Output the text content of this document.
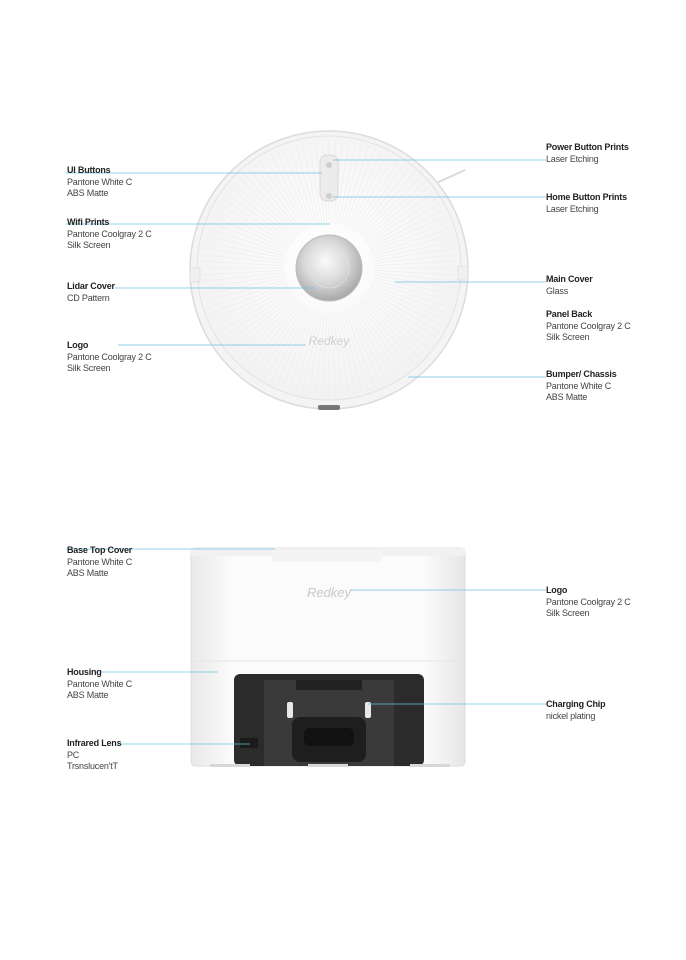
Redkey
Redkey
UI Buttons
Pantone White C
ABS Matte
Wifi Prints
Pantone Coolgray 2 C
Silk Screen
Lidar Cover
CD Pattern
Logo
Pantone Coolgray 2 C
Silk Screen
Power Button Prints
Laser Etching
Home Button Prints
Laser Etching
Main Cover
Glass
Panel Back
Pantone Coolgray 2 C
Silk Screen
Bumper/ Chassis
Pantone White C
ABS Matte
Base Top Cover
Pantone White C
ABS Matte
Housing
Pantone White C
ABS Matte
Infrared Lens
PC
Trsnslucen'tT
Logo
Pantone Coolgray 2 C
Silk Screen
Charging Chip
nickel plating
